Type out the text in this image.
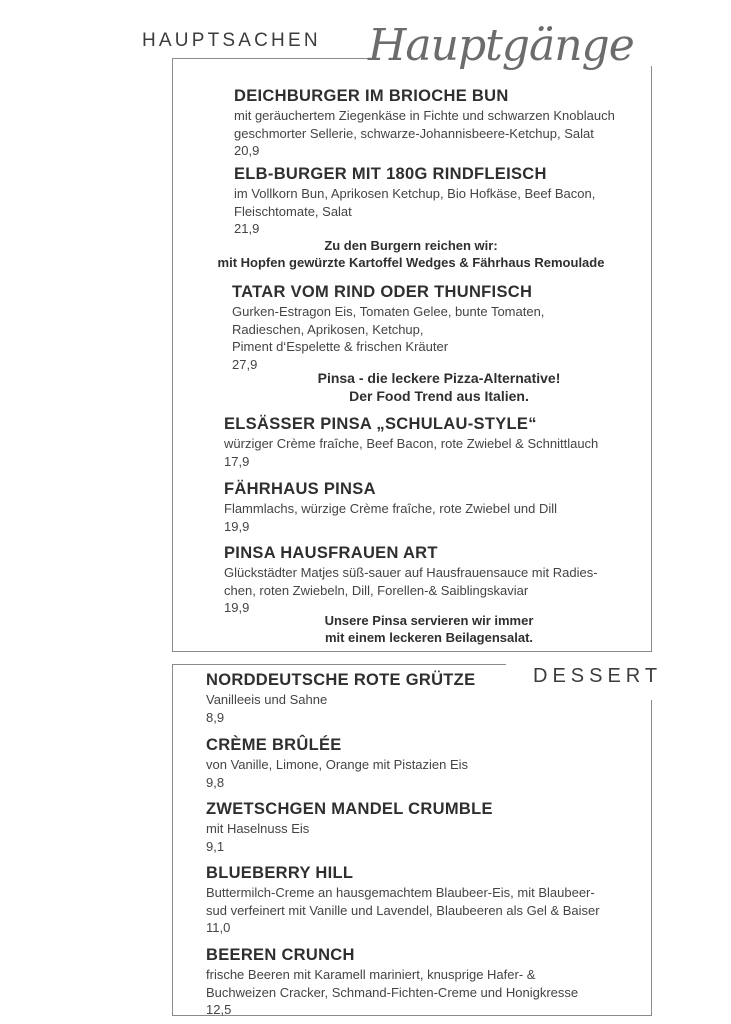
HAUPTSACHEN Hauptgänge
DEICHBURGER IM BRIOCHE BUN
mit geräuchertem Ziegenkäse in Fichte und schwarzen Knoblauch
geschmorter Sellerie, schwarze-Johannisbeere-Ketchup, Salat
20,9
ELB-BURGER MIT 180G RINDFLEISCH
im Vollkorn Bun, Aprikosen Ketchup, Bio Hofkäse, Beef Bacon,
Fleischtomate, Salat
21,9
Zu den Burgern reichen wir:
mit Hopfen gewürzte Kartoffel Wedges & Fährhaus Remoulade
TATAR VOM RIND ODER THUNFISCH
Gurken-Estragon Eis, Tomaten Gelee, bunte Tomaten,
Radieschen, Aprikosen, Ketchup,
Piment d‘Espelette & frischen Kräuter
27,9
Pinsa - die leckere Pizza-Alternative!
Der Food Trend aus Italien.
ELSÄSSER PINSA „SCHULAU-STYLE“
würziger Crème fraîche, Beef Bacon, rote Zwiebel & Schnittlauch
17,9
FÄHRHAUS PINSA
Flammlachs, würzige Crème fraîche, rote Zwiebel und Dill
19,9
PINSA HAUSFRAUEN ART
Glückstädter Matjes süß-sauer auf Hausfrauensauce mit Radies-
chen, roten Zwiebeln, Dill, Forellen-& Saiblingskaviar
19,9
Unsere Pinsa servieren wir immer
mit einem leckeren Beilagensalat.
DESSERT
NORDDEUTSCHE ROTE GRÜTZE
Vanilleeis und Sahne
8,9
CRÈME BRÛLÉE
von Vanille, Limone, Orange mit Pistazien Eis
9,8
ZWETSCHGEN MANDEL CRUMBLE
mit Haselnuss Eis
9,1
BLUEBERRY HILL
Buttermilch-Creme an hausgemachtem Blaubeer-Eis, mit Blaubeer-
sud verfeinert mit Vanille und Lavendel, Blaubeeren als Gel & Baiser
11,0
BEEREN CRUNCH
frische Beeren mit Karamell mariniert, knusprige Hafer- &
Buchweizen Cracker, Schmand-Fichten-Creme und Honigkresse
12,5
